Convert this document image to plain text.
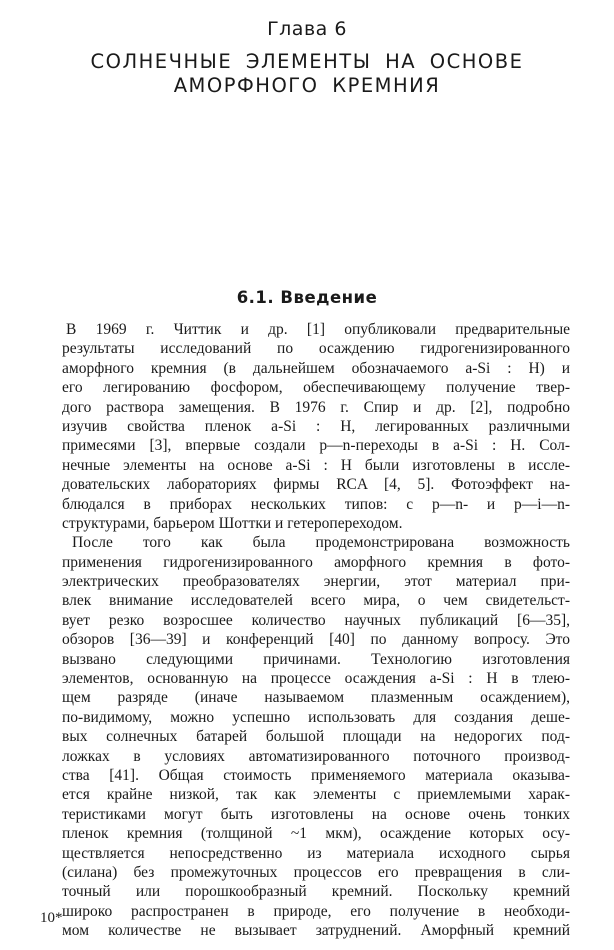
Глава 6
СОЛНЕЧНЫЕ ЭЛЕМЕНТЫ НА ОСНОВЕ
АМОРФНОГО КРЕМНИЯ
6.1. Введение
В 1969 г. Читтик и др. [1] опубликовали предварительные
результаты исследований по осаждению гидрогенизированного
аморфного кремния (в дальнейшем обозначаемого a-Si : H) и
его легированию фосфором, обеспечивающему получение твер-
дого раствора замещения. В 1976 г. Спир и др. [2], подробно
изучив свойства пленок a-Si : H, легированных различными
примесями [3], впервые создали p—n-переходы в a-Si : H. Сол-
нечные элементы на основе a-Si : H были изготовлены в иссле-
довательских лабораториях фирмы RCA [4, 5]. Фотоэффект на-
блюдался в приборах нескольких типов: с p—n- и p—i—n-
структурами, барьером Шоттки и гетеропереходом.
После того как была продемонстрирована возможность
применения гидрогенизированного аморфного кремния в фото-
электрических преобразователях энергии, этот материал при-
влек внимание исследователей всего мира, о чем свидетельст-
вует резко возросшее количество научных публикаций [6—35],
обзоров [36—39] и конференций [40] по данному вопросу. Это
вызвано следующими причинами. Технологию изготовления
элементов, основанную на процессе осаждения a-Si : H в тлею-
щем разряде (иначе называемом плазменным осаждением),
по-видимому, можно успешно использовать для создания деше-
вых солнечных батарей большой площади на недорогих под-
ложках в условиях автоматизированного поточного производ-
ства [41]. Общая стоимость применяемого материала оказыва-
ется крайне низкой, так как элементы с приемлемыми харак-
теристиками могут быть изготовлены на основе очень тонких
пленок кремния (толщиной ~1 мкм), осаждение которых осу-
ществляется непосредственно из материала исходного сырья
(силана) без промежуточных процессов его превращения в сли-
точный или порошкообразный кремний. Поскольку кремний
широко распространен в природе, его получение в необходи-
мом количестве не вызывает затруднений. Аморфный кремний
10*
